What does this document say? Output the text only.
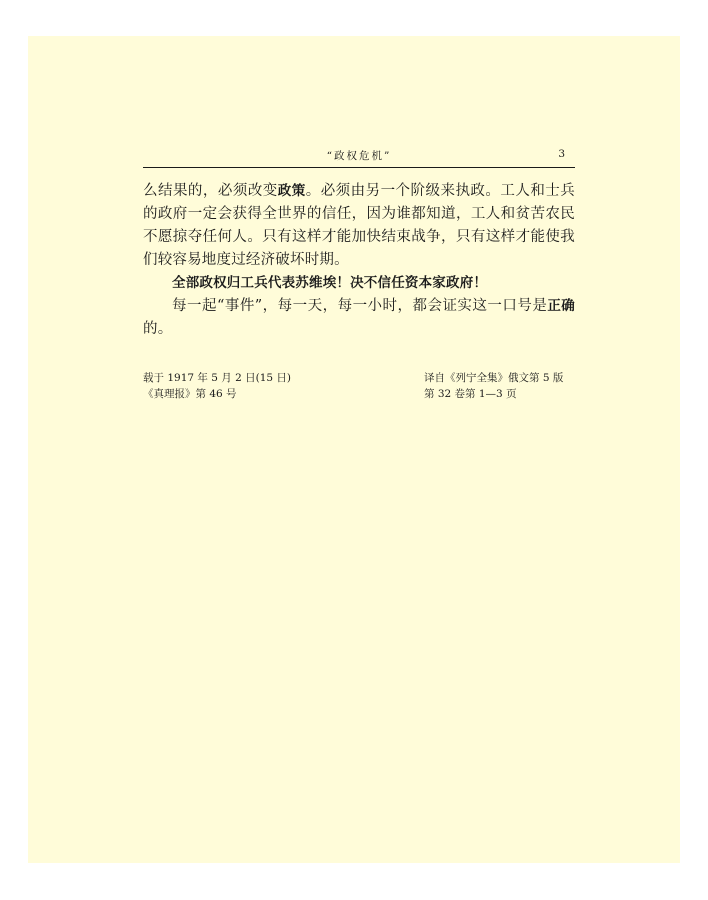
“政权危机”	3

么结果的，必须改变政策。必须由另一个阶级来执政。工人和士兵的政府一定会获得全世界的信任，因为谁都知道，工人和贫苦农民不愿掠夺任何人。只有这样才能加快结束战争，只有这样才能使我们较容易地度过经济破坏时期。

全部政权归工兵代表苏维埃！决不信任资本家政府！

每一起“事件”，每一天，每一小时，都会证实这一口号是正确的。

载于 1917 年 5 月 2 日(15 日)
《真理报》第 46 号
译自《列宁全集》俄文第 5 版
第 32 卷第 1—3 页
